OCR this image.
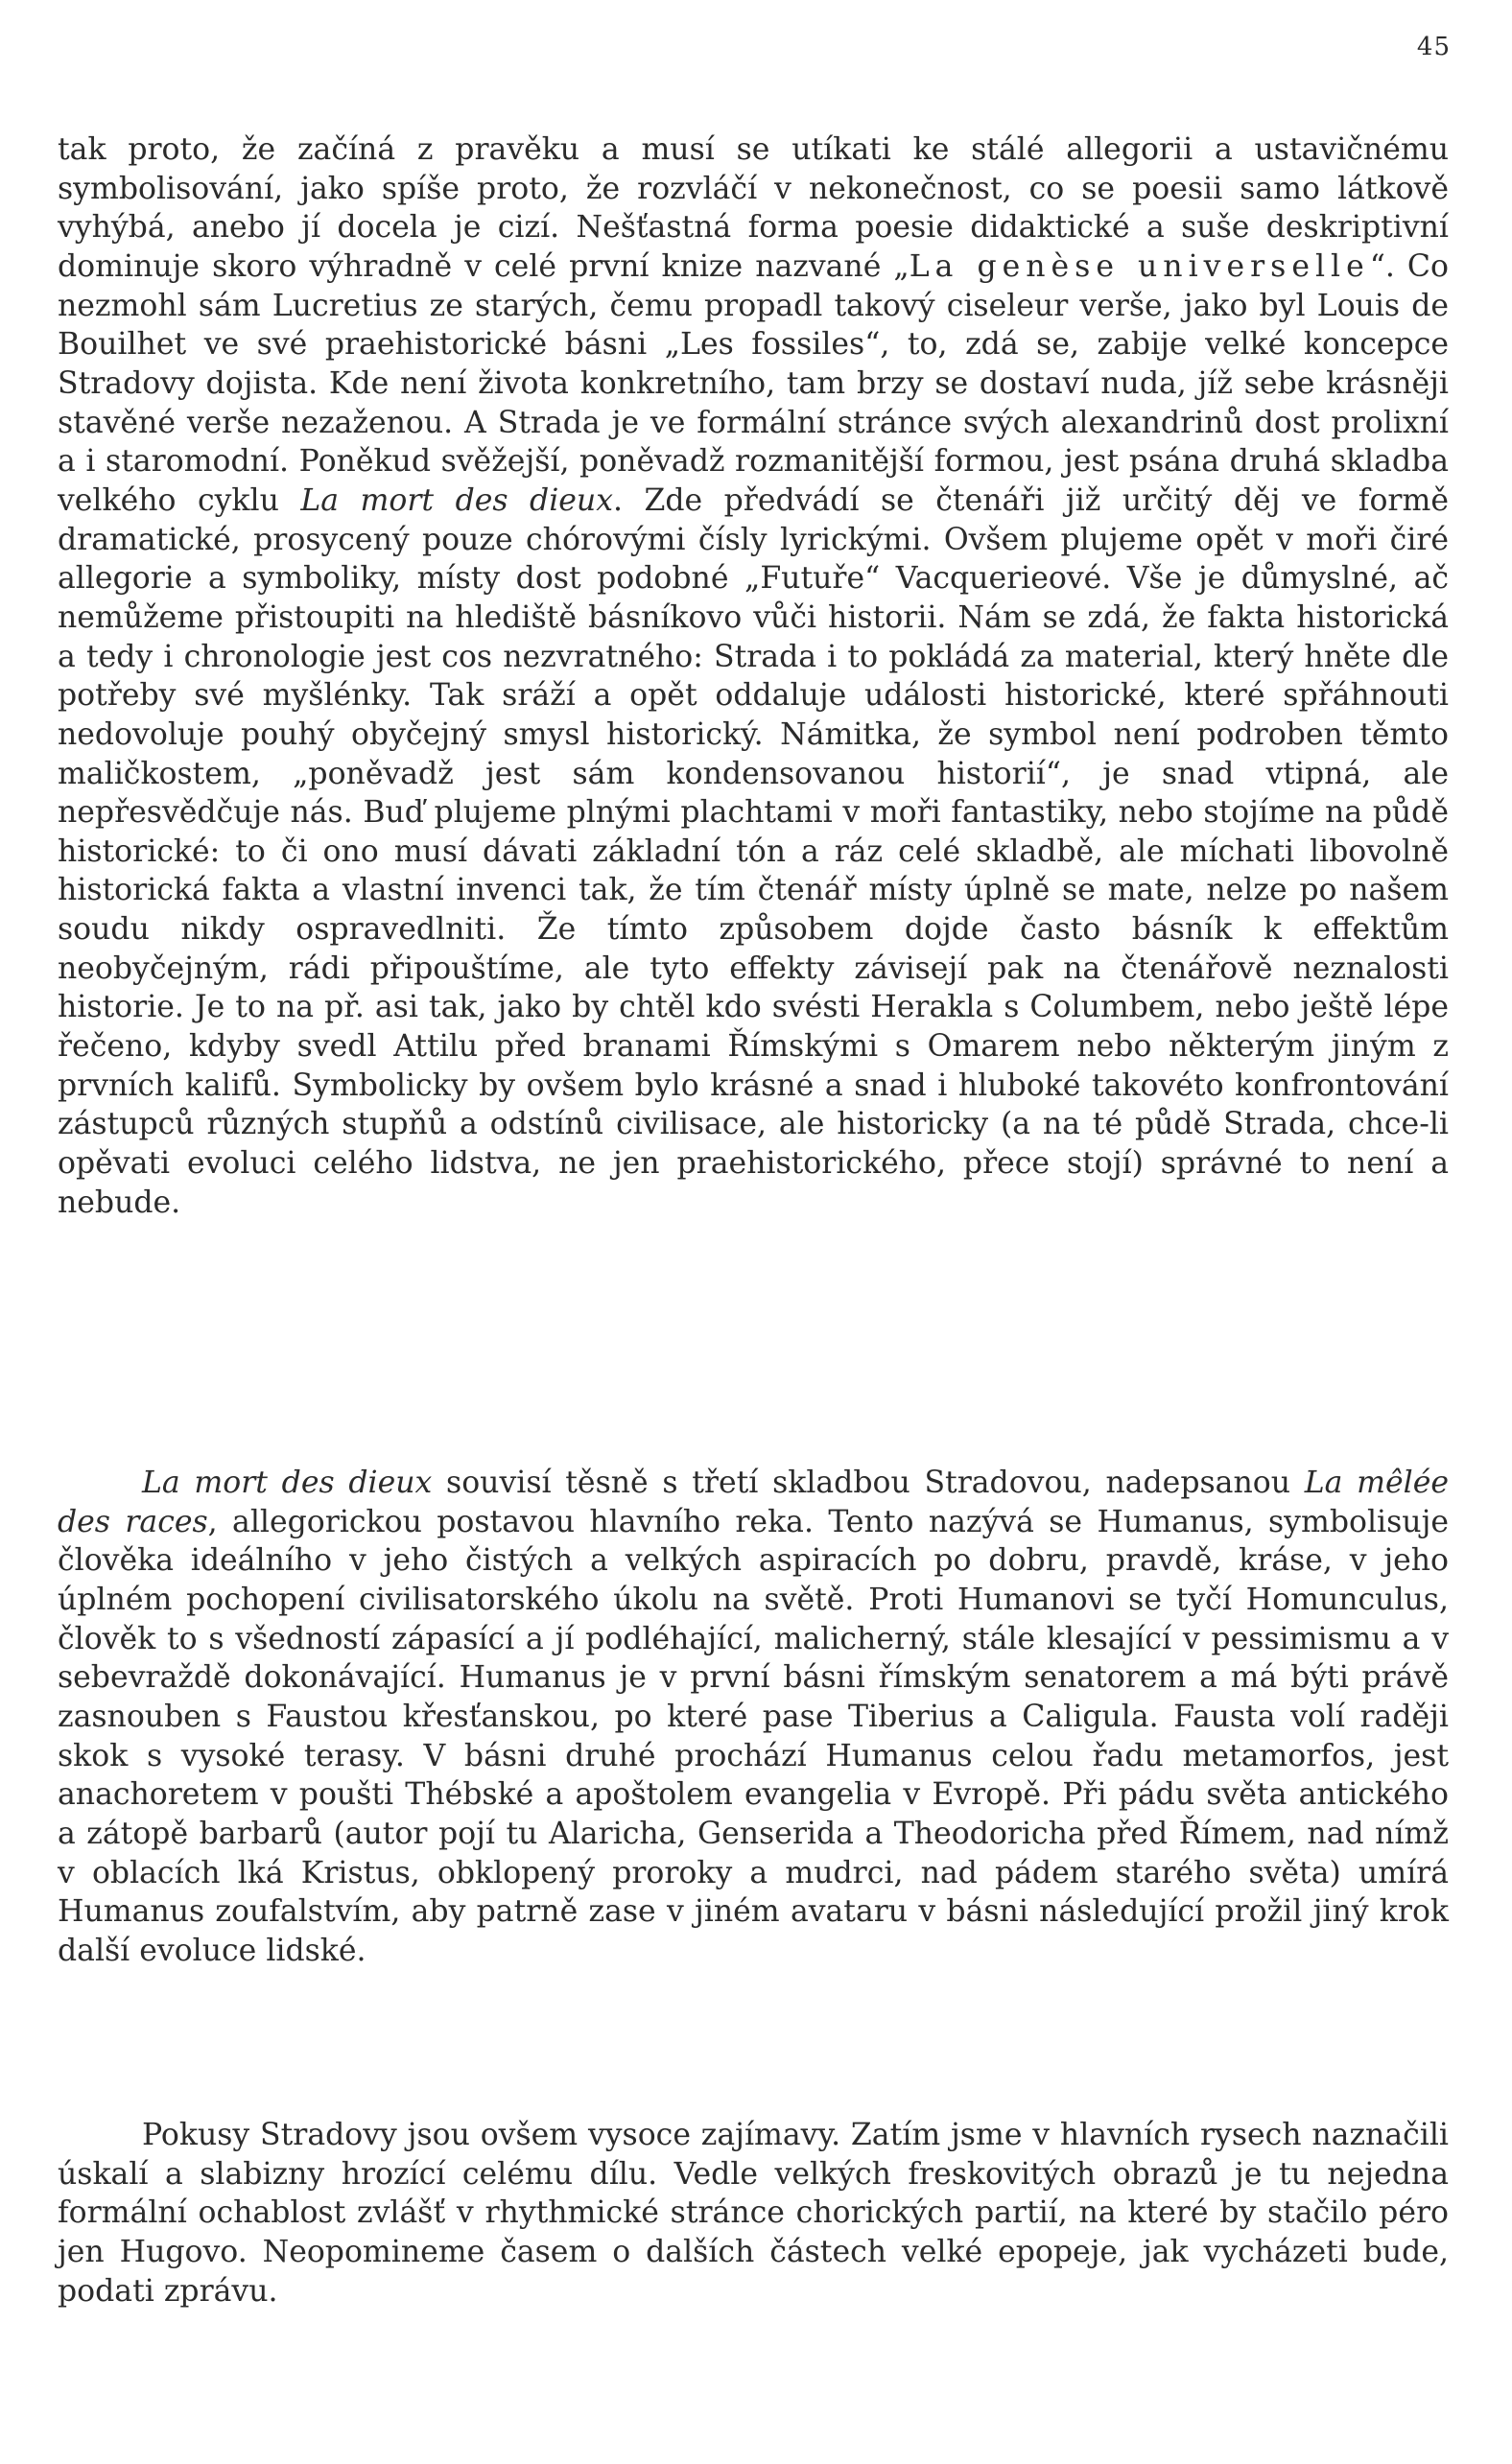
45

tak proto, že začíná z pravěku a musí se utíkati ke stálé allegorii a ustavičnému symbolisování, jako spíše proto, že rozvláčí v nekonečnost, co se poesii samo látkově vyhýbá, anebo jí docela je cizí. Nešťastná forma poesie didaktické a suše deskriptivní dominuje skoro výhradně v celé první knize nazvané „La genèse universelle“. Co nezmohl sám Lucretius ze starých, čemu propadl takový ciseleur verše, jako byl Louis de Bouilhet ve své praehistorické básni „Les fossiles“, to, zdá se, zabije velké koncepce Stradovy dojista. Kde není života konkretního, tam brzy se dostaví nuda, jíž sebe krásněji stavěné verše nezaženou. A Strada je ve formální stránce svých alexandrinů dost prolixní a i staromodní. Poněkud svěžejší, poněvadž rozmanitější formou, jest psána druhá skladba velkého cyklu La mort des dieux. Zde předvádí se čtenáři již určitý děj ve formě dramatické, prosycený pouze chórovými čísly lyrickými. Ovšem plujeme opět v moři čiré allegorie a symboliky, místy dost podobné „Futuře“ Vacquerieové. Vše je důmyslné, ač nemůžeme přistoupiti na hlediště básníkovo vůči historii. Nám se zdá, že fakta historická a tedy i chronologie jest cos nezvratného: Strada i to pokládá za material, který hněte dle potřeby své myšlénky. Tak sráží a opět oddaluje události historické, které spřáhnouti nedovoluje pouhý obyčejný smysl historický. Námitka, že symbol není podroben těmto maličkostem, „poněvadž jest sám kondensovanou historií“, je snad vtipná, ale nepřesvědčuje nás. Buď plujeme plnými plachtami v moři fantastiky, nebo stojíme na půdě historické: to či ono musí dávati základní tón a ráz celé skladbě, ale míchati libovolně historická fakta a vlastní invenci tak, že tím čtenář místy úplně se mate, nelze po našem soudu nikdy ospravedlniti. Že tímto způsobem dojde často básník k effektům neobyčejným, rádi připouštíme, ale tyto effekty závisejí pak na čtenářově neznalosti historie. Je to na př. asi tak, jako by chtěl kdo svésti Herakla s Columbem, nebo ještě lépe řečeno, kdyby svedl Attilu před branami Římskými s Omarem nebo některým jiným z prvních kalifů. Symbolicky by ovšem bylo krásné a snad i hluboké takovéto konfrontování zástupců různých stupňů a odstínů civilisace, ale historicky (a na té půdě Strada, chce-li opěvati evoluci celého lidstva, ne jen praehistorického, přece stojí) správné to není a nebude.

La mort des dieux souvisí těsně s třetí skladbou Stradovou, nadepsanou La mêlée des races, allegorickou postavou hlavního reka. Tento nazývá se Humanus, symbolisuje člověka ideálního v jeho čistých a velkých aspiracích po dobru, pravdě, kráse, v jeho úplném pochopení civilisatorského úkolu na světě. Proti Humanovi se tyčí Homunculus, člověk to s všedností zápasící a jí podléhající, malicherný, stále klesající v pessimismu a v sebevraždě dokonávající. Humanus je v první básni římským senatorem a má býti právě zasnouben s Faustou křesťanskou, po které pase Tiberius a Caligula. Fausta volí raději skok s vysoké terasy. V básni druhé prochází Humanus celou řadu metamorfos, jest anachoretem v poušti Thébské a apoštolem evangelia v Evropě. Při pádu světa antického a zátopě barbarů (autor pojí tu Alaricha, Genserida a Theodoricha před Římem, nad nímž v oblacích lká Kristus, obklopený proroky a mudrci, nad pádem starého světa) umírá Humanus zoufalstvím, aby patrně zase v jiném avataru v básni následující prožil jiný krok další evoluce lidské.

Pokusy Stradovy jsou ovšem vysoce zajímavy. Zatím jsme v hlavních rysech naznačili úskalí a slabizny hrozící celému dílu. Vedle velkých freskovitých obrazů je tu nejedna formální ochablost zvlášť v rhythmické stránce chorických partií, na které by stačilo péro jen Hugovo. Neopomineme časem o dalších částech velké epopeje, jak vycházeti bude, podati zprávu.
